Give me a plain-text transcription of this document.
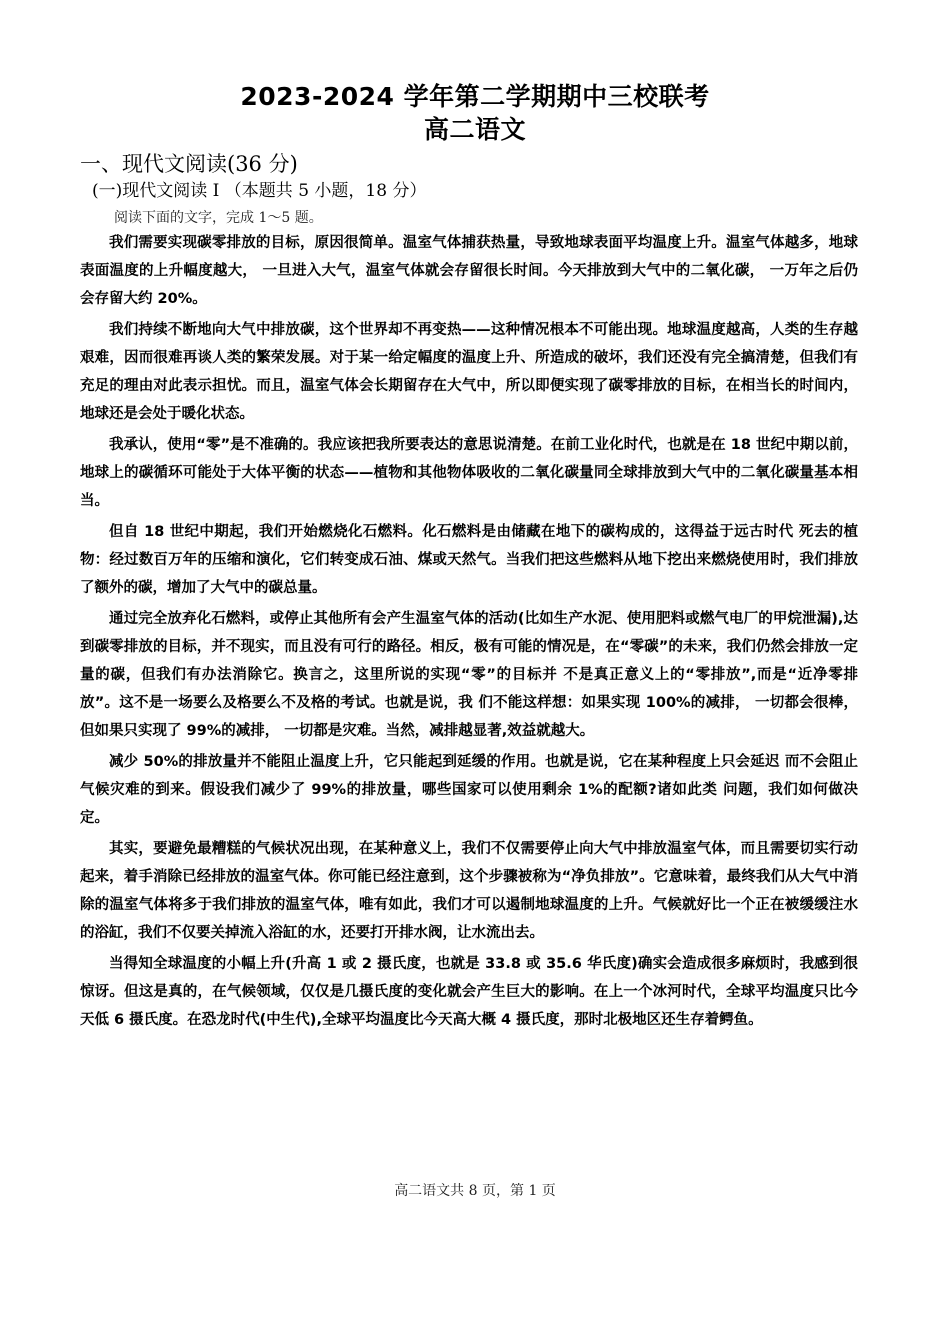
2023-2024 学年第二学期期中三校联考
高二语文
一、现代文阅读(36 分)
(一)现代文阅读 I （本题共 5 小题，18 分）
阅读下面的文字，完成 1～5 题。

我们需要实现碳零排放的目标，原因很简单。温室气体捕获热量，导致地球表面平均温度上升。温室气体越多，地球表面温度的上升幅度越大， 一旦进入大气，温室气体就会存留很长时间。今天排放到大气中的二氧化碳， 一万年之后仍会存留大约 20%。

我们持续不断地向大气中排放碳，这个世界却不再变热——这种情况根本不可能出现。地球温度越高，人类的生存越艰难，因而很难再谈人类的繁荣发展。对于某一给定幅度的温度上升、所造成的破坏，我们还没有完全搞清楚，但我们有充足的理由对此表示担忧。而且，温室气体会长期留存在大气中，所以即便实现了碳零排放的目标，在相当长的时间内，地球还是会处于暖化状态。

我承认，使用“零”是不准确的。我应该把我所要表达的意思说清楚。在前工业化时代，也就是在 18 世纪中期以前，地球上的碳循环可能处于大体平衡的状态——植物和其他物体吸收的二氧化碳量同全球排放到大气中的二氧化碳量基本相当。

但自 18 世纪中期起，我们开始燃烧化石燃料。化石燃料是由储藏在地下的碳构成的，这得益于远古时代 死去的植物：经过数百万年的压缩和演化，它们转变成石油、煤或天然气。当我们把这些燃料从地下挖出来燃烧使用时，我们排放了额外的碳，增加了大气中的碳总量。

通过完全放弃化石燃料，或停止其他所有会产生温室气体的活动(比如生产水泥、使用肥料或燃气电厂的甲烷泄漏),达到碳零排放的目标，并不现实，而且没有可行的路径。相反，极有可能的情况是，在“零碳”的未来，我们仍然会排放一定量的碳，但我们有办法消除它。换言之，这里所说的实现“零”的目标并 不是真正意义上的“零排放”,而是“近净零排放”。这不是一场要么及格要么不及格的考试。也就是说，我 们不能这样想：如果实现 100%的减排， 一切都会很棒，但如果只实现了 99%的减排， 一切都是灾难。当然，减排越显著,效益就越大。

减少 50%的排放量并不能阻止温度上升，它只能起到延缓的作用。也就是说，它在某种程度上只会延迟 而不会阻止气候灾难的到来。假设我们减少了 99%的排放量，哪些国家可以使用剩余 1%的配额?诸如此类 问题，我们如何做决定。

其实，要避免最糟糕的气候状况出现，在某种意义上，我们不仅需要停止向大气中排放温室气体，而且需要切实行动起来，着手消除已经排放的温室气体。你可能已经注意到，这个步骤被称为“净负排放”。它意味着，最终我们从大气中消除的温室气体将多于我们排放的温室气体，唯有如此，我们才可以遏制地球温度的上升。气候就好比一个正在被缓缓注水的浴缸，我们不仅要关掉流入浴缸的水，还要打开排水阀，让水流出去。

当得知全球温度的小幅上升(升高 1 或 2 摄氏度，也就是 33.8 或 35.6 华氏度)确实会造成很多麻烦时，我感到很惊讶。但这是真的，在气候领域，仅仅是几摄氏度的变化就会产生巨大的影响。在上一个冰河时代，全球平均温度只比今天低 6 摄氏度。在恐龙时代(中生代),全球平均温度比今天高大概 4 摄氏度，那时北极地区还生存着鳄鱼。

高二语文共 8 页，第 1 页
